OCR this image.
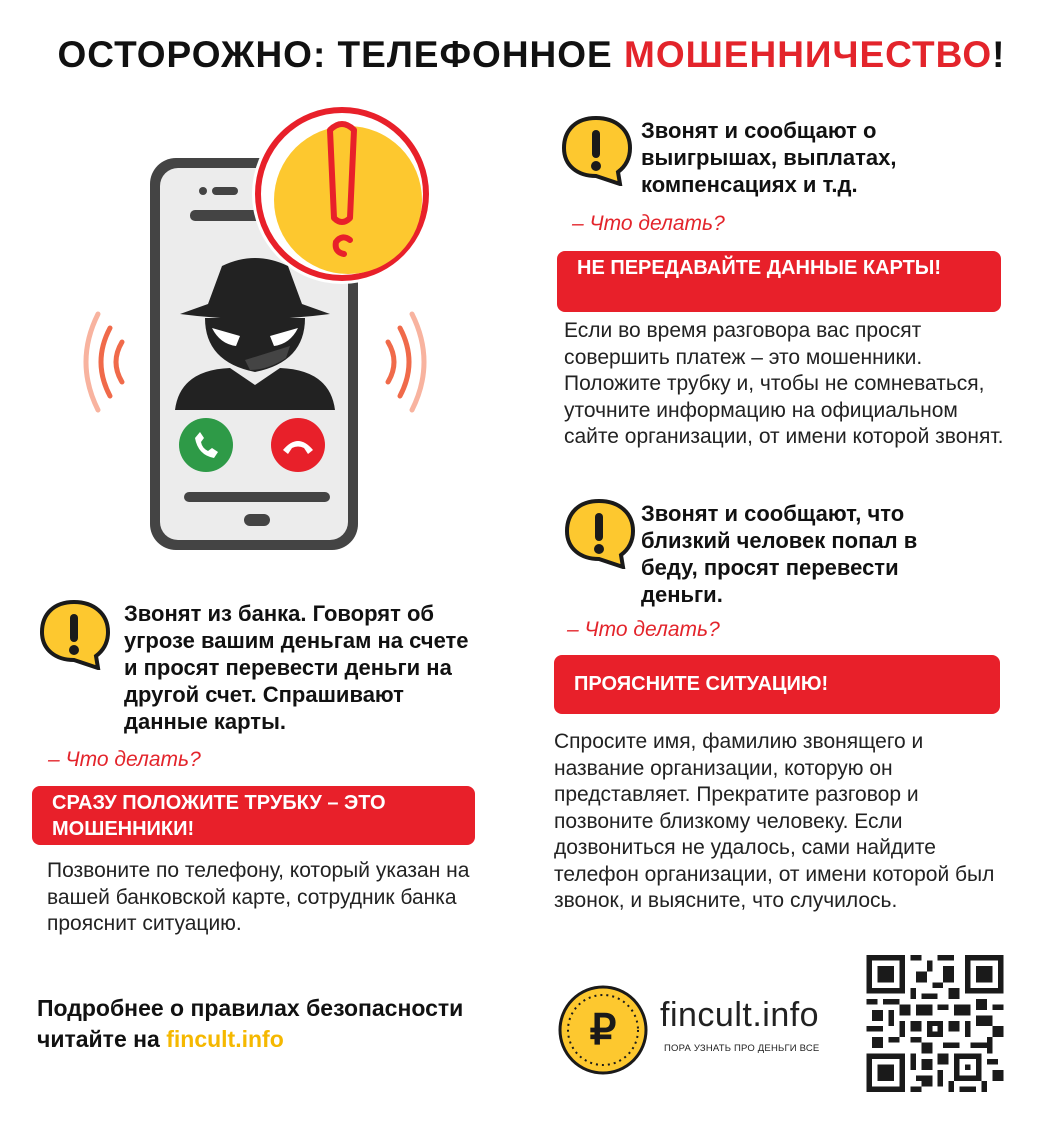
ОСТОРОЖНО: ТЕЛЕФОННОЕ МОШЕННИЧЕСТВО!
Звонят и сообщают о выигрышах, выплатах, компенсациях и т.д.
– Что делать?
НЕ ПЕРЕДАВАЙТЕ ДАННЫЕ КАРТЫ!
Если во время разговора вас просят совершить платеж – это мошенники. Положите трубку и, чтобы не сомневаться, уточните информацию на официальном сайте организации, от имени которой звонят.
Звонят и сообщают, что близкий человек попал в беду, просят перевести деньги.
– Что делать?
ПРОЯСНИТЕ СИТУАЦИЮ!
Спросите имя, фамилию звонящего и название организации, которую он представляет. Прекратите разговор и позвоните близкому человеку. Если дозвониться не удалось, сами найдите телефон организации, от имени которой был звонок, и выясните, что случилось.
Звонят из банка. Говорят об угрозе вашим деньгам на счете и просят перевести деньги на другой счет. Спрашивают данные карты.
– Что делать?
СРАЗУ ПОЛОЖИТЕ ТРУБКУ – ЭТО МОШЕННИКИ!
Позвоните по телефону, который указан на вашей банковской карте, сотрудник банка прояснит ситуацию.
Подробнее о правилах безопасности
читайте на fincult.info	₽	fincult.info
ПОРА УЗНАТЬ ПРО ДЕНЬГИ ВСЕ
